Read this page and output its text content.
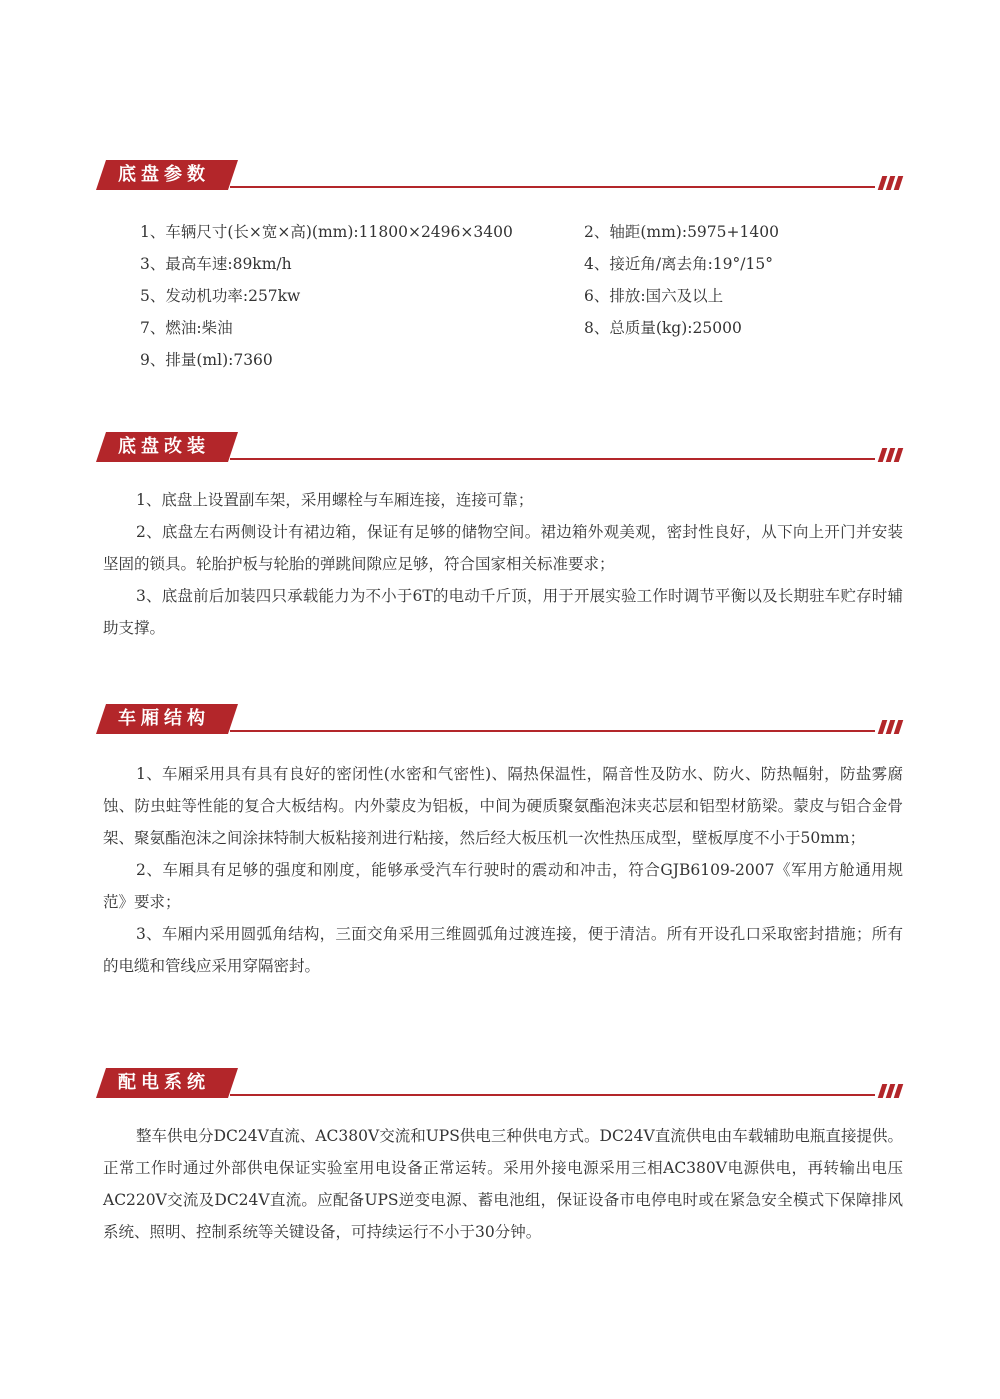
底盘参数
1、车辆尺寸(长×宽×高)(mm):11800×2496×3400	2、轴距(mm):5975+1400
3、最高车速:89km/h	4、接近角/离去角:19°/15°
5、发动机功率:257kw	6、排放:国六及以上
7、燃油:柴油	8、总质量(kg):25000
9、排量(ml):7360
底盘改装

1、底盘上设置副车架，采用螺栓与车厢连接，连接可靠；

2、底盘左右两侧设计有裙边箱，保证有足够的储物空间。裙边箱外观美观，密封性良好，从下向上开门并安装坚固的锁具。轮胎护板与轮胎的弹跳间隙应足够，符合国家相关标准要求；

3、底盘前后加装四只承载能力为不小于6T的电动千斤顶，用于开展实验工作时调节平衡以及长期驻车贮存时辅助支撑。

车厢结构

1、车厢采用具有具有良好的密闭性(水密和气密性)、隔热保温性，隔音性及防水、防火、防热幅射，防盐雾腐蚀、防虫蛀等性能的复合大板结构。内外蒙皮为铝板，中间为硬质聚氨酯泡沫夹芯层和铝型材筋梁。蒙皮与铝合金骨架、聚氨酯泡沫之间涂抹特制大板粘接剂进行粘接，然后经大板压机一次性热压成型，壁板厚度不小于50mm；

2、车厢具有足够的强度和刚度，能够承受汽车行驶时的震动和冲击，符合GJB6109-2007《军用方舱通用规范》要求；

3、车厢内采用圆弧角结构，三面交角采用三维圆弧角过渡连接，便于清洁。所有开设孔口采取密封措施；所有的电缆和管线应采用穿隔密封。

配电系统

整车供电分DC24V直流、AC380V交流和UPS供电三种供电方式。DC24V直流供电由车载辅助电瓶直接提供。正常工作时通过外部供电保证实验室用电设备正常运转。采用外接电源采用三相AC380V电源供电，再转输出电压AC220V交流及DC24V直流。应配备UPS逆变电源、蓄电池组，保证设备市电停电时或在紧急安全模式下保障排风系统、照明、控制系统等关键设备，可持续运行不小于30分钟。
